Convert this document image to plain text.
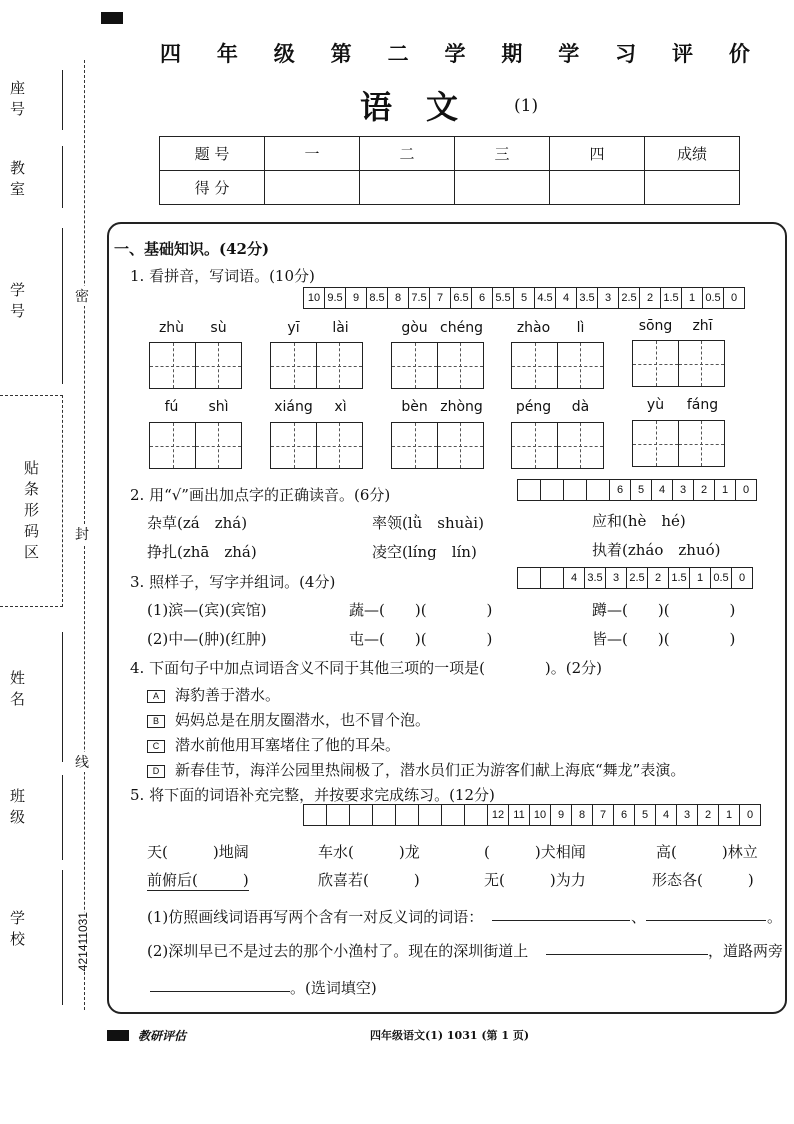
四 年 级 第 二 学 期 学 习 评 价
语文 (1)
题 号	一	二	三	四	成绩
得 分					
座号
教室
学号
贴条形码区
姓名
班级
学校
密
封
线
421411031
一、基础知识。(42分)
1. 看拼音，写词语。(10分)
10 9.5 9 8.5 8 7.5 7 6.5 6 5.5 5 4.5 4 3.5 3 2.5 2 1.5 1 0.5 0
zhù	sù	yī	lài	gòu chéng	zhào	lì	sōng	zhī
fú	shì	xiáng	xì	bèn zhòng	péng	dà	yù	fáng
2. 用“√”画出加点字的正确读音。(6分)	6	5	4	3	2	1	0
杂草(zá　zhá)	率领(lǜ　shuài)	应和(hè　hé)
挣扎(zhā　zhá)	凌空(líng　lín)	执着(zháo　zhuó)
3. 照样子，写字并组词。(4分)	4 3.5 3 2.5 2 1.5 1 0.5 0
(1)滨—(宾)(宾馆)	蔬—(　　)(　　　　)	蹲—(　　)(　　　　)
(2)中—(肿)(红肿)	屯—(　　)(　　　　)	皆—(　　)(　　　　)
4. 下面句子中加点词语含义不同于其他三项的一项是(　　　　)。(2分)
A 海豹善于潜水。
B 妈妈总是在朋友圈潜水，也不冒个泡。
C 潜水前他用耳塞堵住了他的耳朵。
D 新春佳节，海洋公园里热闹极了，潜水员们正为游客们献上海底“舞龙”表演。
5. 将下面的词语补充完整，并按要求完成练习。(12分)
12 11 10	9	8	7	6	5	4	3	2	1	0
天(　　　)地阔	车水(　　　)龙	(　　　)犬相闻	高(　　　)林立
前俯后(　　　)	欣喜若(　　　)	无(　　　)为力	形态各(　　　)
(1)仿照画线词语再写两个含有一对反义词的词语：	、	。
(2)深圳早已不是过去的那个小渔村了。现在的深圳街道上	，道路两旁
。(选词填空)
教研评估	四年级语文(1) 1031 (第 1 页)
